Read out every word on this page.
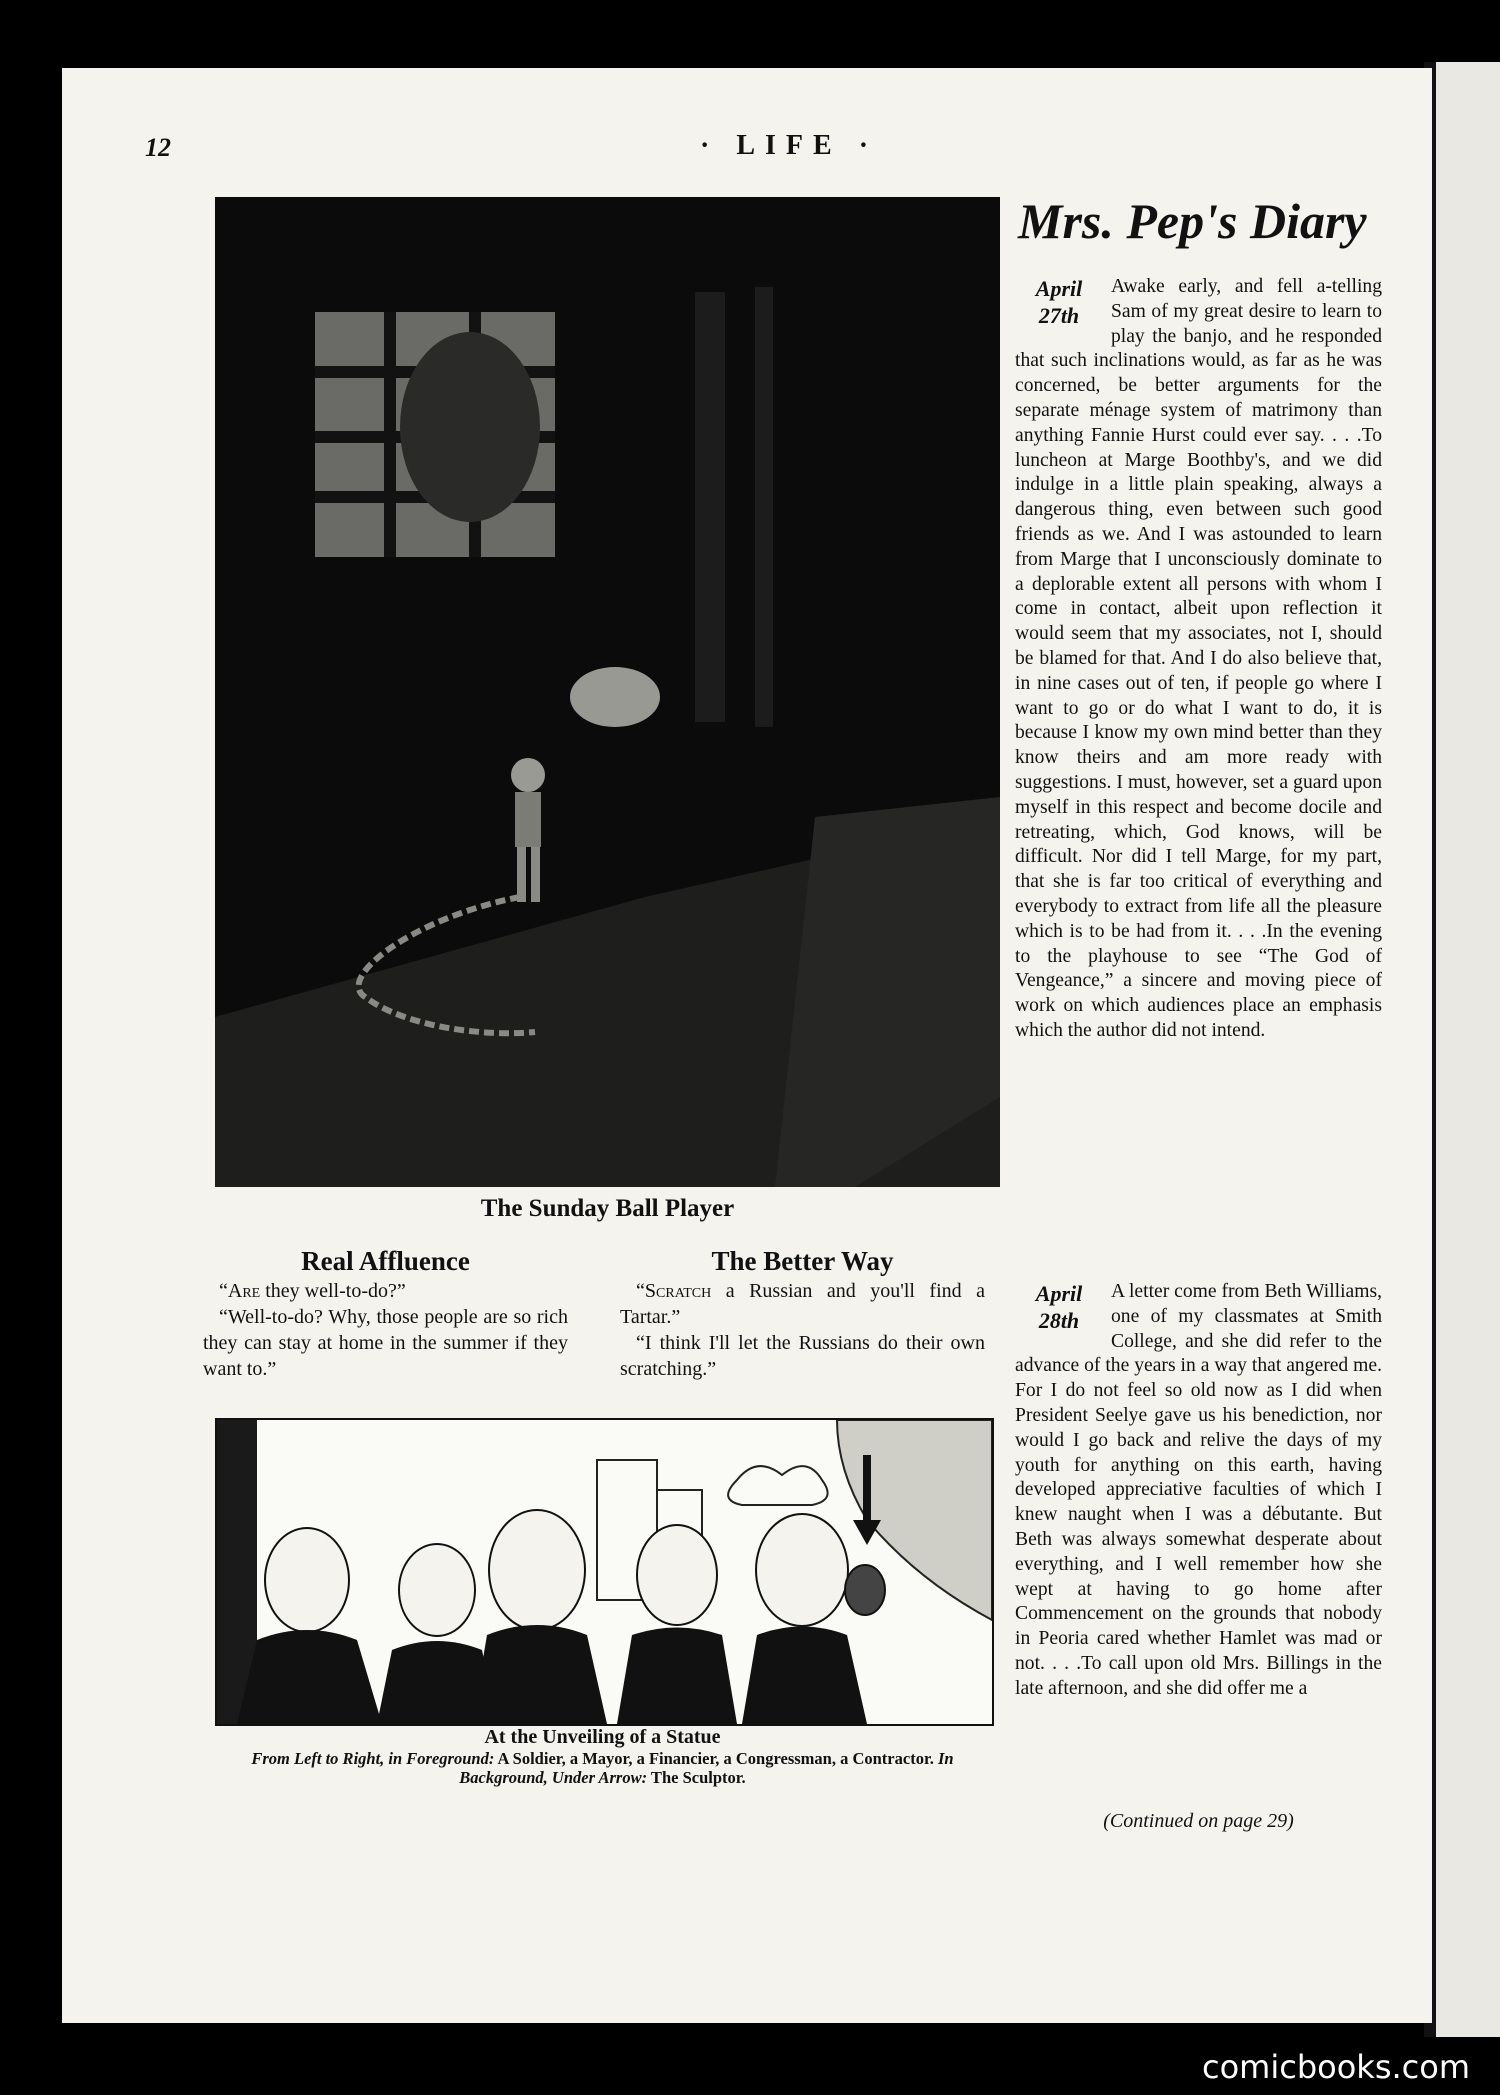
12	· LIFE ·
The Sunday Ball Player
Real Affluence

“Are they well-to-do?”

“Well-to-do? Why, those people are so rich they can stay at home in the summer if they want to.”

The Better Way

“Scratch a Russian and you'll find a Tartar.”

“I think I'll let the Russians do their own scratching.”

At the Unveiling of a Statue
From Left to Right, in Foreground: A Soldier, a Mayor, a Financier, a Congressman, a Contractor. In Background, Under Arrow: The Sculptor.
Mrs. Pep's Diary
April 27th
Awake early, and fell a-telling Sam of my great desire to learn to play the banjo, and he responded that such inclinations would, as far as he was concerned, be better arguments for the separate ménage system of matrimony than anything Fannie Hurst could ever say. . . .To luncheon at Marge Boothby's, and we did indulge in a little plain speaking, always a dangerous thing, even between such good friends as we. And I was astounded to learn from Marge that I unconsciously dominate to a deplorable extent all persons with whom I come in contact, albeit upon reflection it would seem that my associates, not I, should be blamed for that. And I do also believe that, in nine cases out of ten, if people go where I want to go or do what I want to do, it is because I know my own mind better than they know theirs and am more ready with suggestions. I must, however, set a guard upon myself in this respect and become docile and retreating, which, God knows, will be difficult. Nor did I tell Marge, for my part, that she is far too critical of everything and everybody to extract from life all the pleasure which is to be had from it. . . .In the evening to the playhouse to see “The God of Vengeance,” a sincere and moving piece of work on which audiences place an emphasis which the author did not intend.
April 28th
A letter come from Beth Williams, one of my classmates at Smith College, and she did refer to the advance of the years in a way that angered me. For I do not feel so old now as I did when President Seelye gave us his benediction, nor would I go back and relive the days of my youth for anything on this earth, having developed appreciative faculties of which I knew naught when I was a débutante. But Beth was always somewhat desperate about everything, and I well remember how she wept at having to go home after Commencement on the grounds that nobody in Peoria cared whether Hamlet was mad or not. . . .To call upon old Mrs. Billings in the late afternoon, and she did offer me a
(Continued on page 29)
comicbooks.com
